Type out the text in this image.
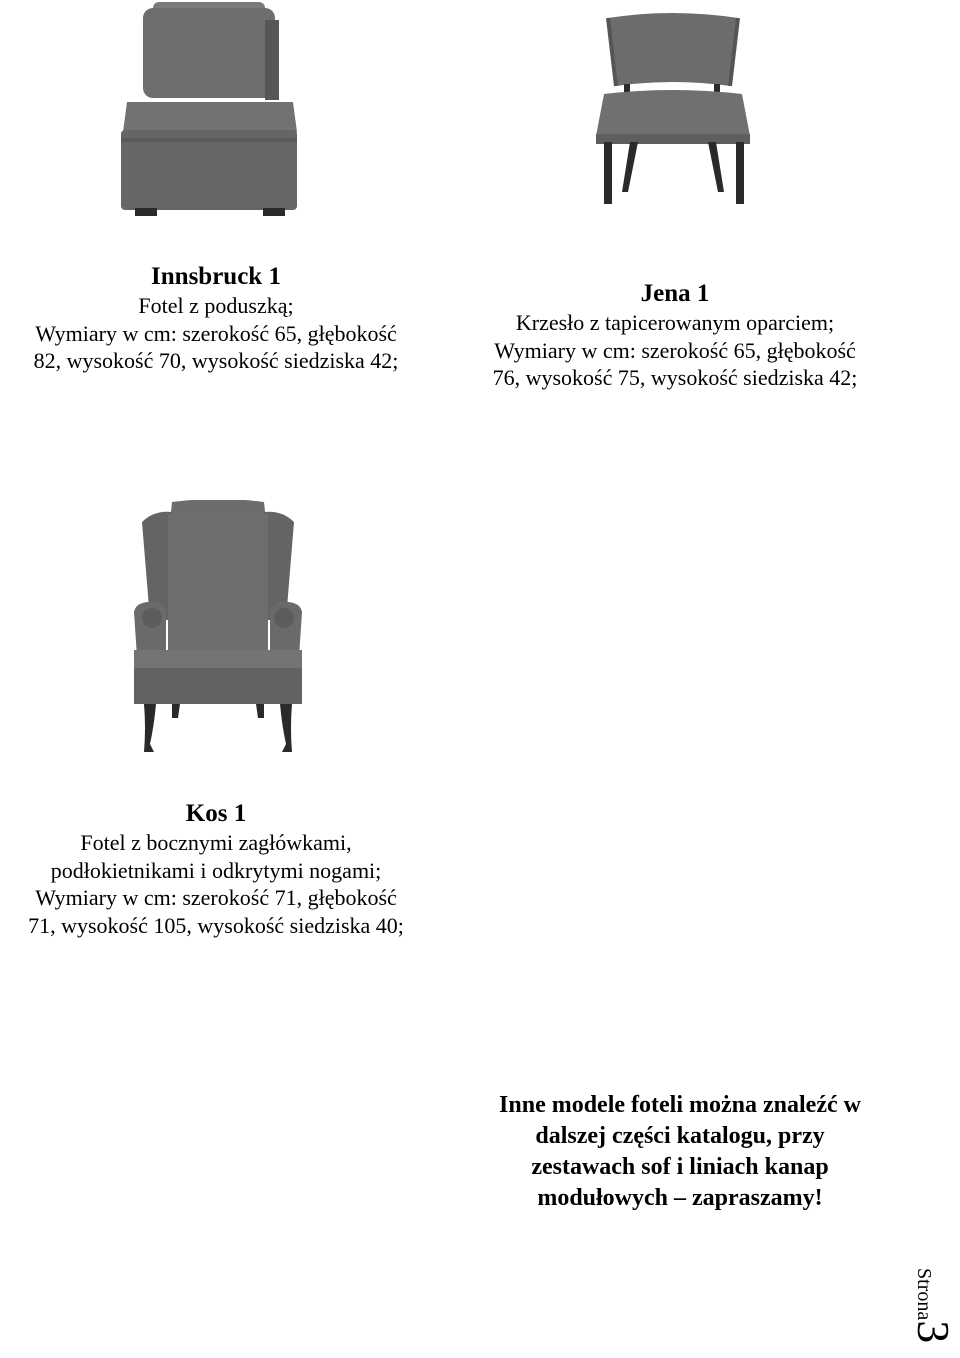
Innsbruck 1
Fotel z poduszką;
Wymiary w cm: szerokość 65, głębokość
82, wysokość 70, wysokość siedziska 42;
Jena 1
Krzesło z tapicerowanym oparciem;
Wymiary w cm: szerokość 65, głębokość
76, wysokość 75, wysokość siedziska 42;
Kos 1
Fotel z bocznymi zagłówkami,
podłokietnikami i odkrytymi nogami;
Wymiary w cm: szerokość 71, głębokość
71, wysokość 105, wysokość siedziska 40;
Inne modele foteli można znaleźć w
dalszej części katalogu, przy
zestawach sof i liniach kanap
modułowych – zapraszamy!
Strona3
